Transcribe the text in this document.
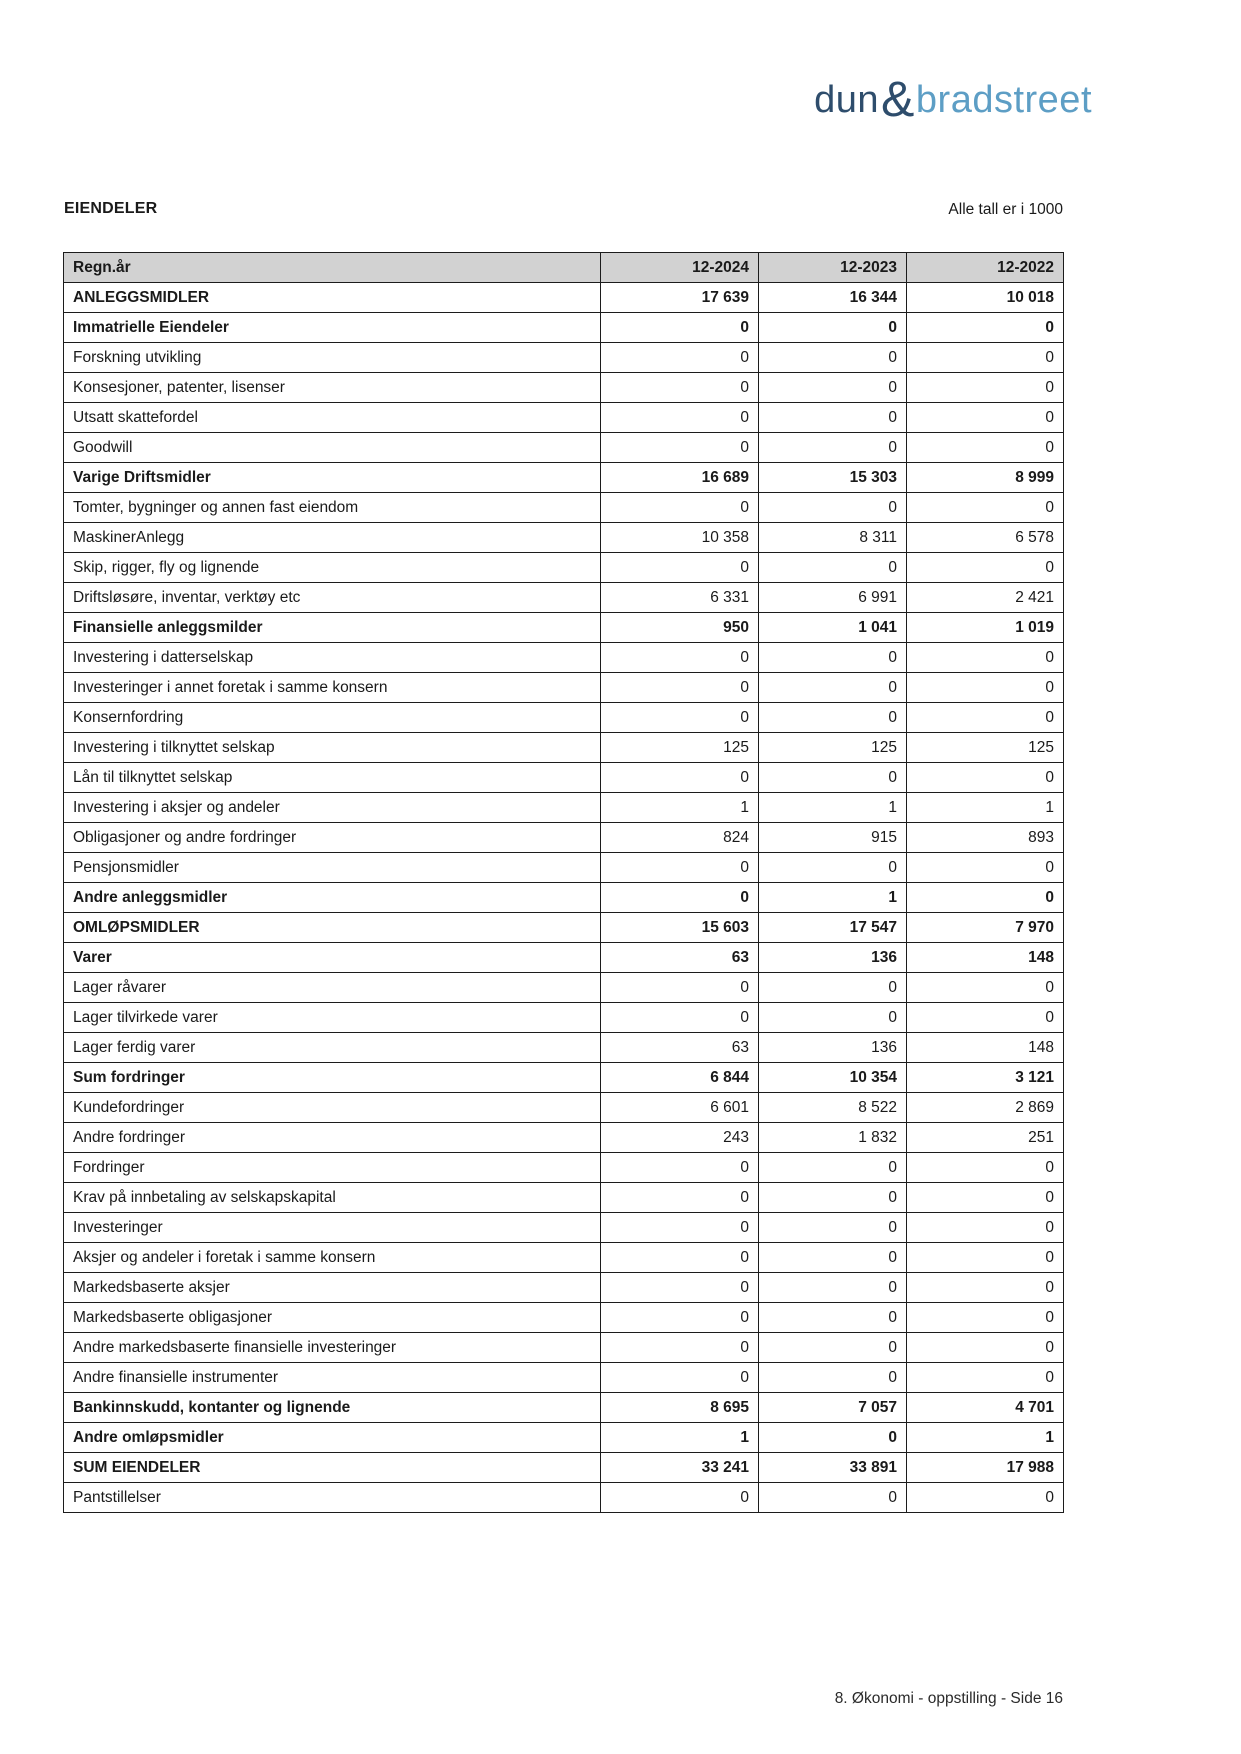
dun&bradstreet
EIENDELER	Alle tall er i 1000
Regn.år	12-2024	12-2023	12-2022
ANLEGGSMIDLER	17 639	16 344	10 018
Immatrielle Eiendeler	0	0	0
Forskning utvikling	0	0	0
Konsesjoner, patenter, lisenser	0	0	0
Utsatt skattefordel	0	0	0
Goodwill	0	0	0
Varige Driftsmidler	16 689	15 303	8 999
Tomter, bygninger og annen fast eiendom	0	0	0
MaskinerAnlegg	10 358	8 311	6 578
Skip, rigger, fly og lignende	0	0	0
Driftsløsøre, inventar, verktøy etc	6 331	6 991	2 421
Finansielle anleggsmilder	950	1 041	1 019
Investering i datterselskap	0	0	0
Investeringer i annet foretak i samme konsern	0	0	0
Konsernfordring	0	0	0
Investering i tilknyttet selskap	125	125	125
Lån til tilknyttet selskap	0	0	0
Investering i aksjer og andeler	1	1	1
Obligasjoner og andre fordringer	824	915	893
Pensjonsmidler	0	0	0
Andre anleggsmidler	0	1	0
OMLØPSMIDLER	15 603	17 547	7 970
Varer	63	136	148
Lager råvarer	0	0	0
Lager tilvirkede varer	0	0	0
Lager ferdig varer	63	136	148
Sum fordringer	6 844	10 354	3 121
Kundefordringer	6 601	8 522	2 869
Andre fordringer	243	1 832	251
Fordringer	0	0	0
Krav på innbetaling av selskapskapital	0	0	0
Investeringer	0	0	0
Aksjer og andeler i foretak i samme konsern	0	0	0
Markedsbaserte aksjer	0	0	0
Markedsbaserte obligasjoner	0	0	0
Andre markedsbaserte finansielle investeringer	0	0	0
Andre finansielle instrumenter	0	0	0
Bankinnskudd, kontanter og lignende	8 695	7 057	4 701
Andre omløpsmidler	1	0	1
SUM EIENDELER	33 241	33 891	17 988
Pantstillelser	0	0	0
8. Økonomi - oppstilling - Side 16
